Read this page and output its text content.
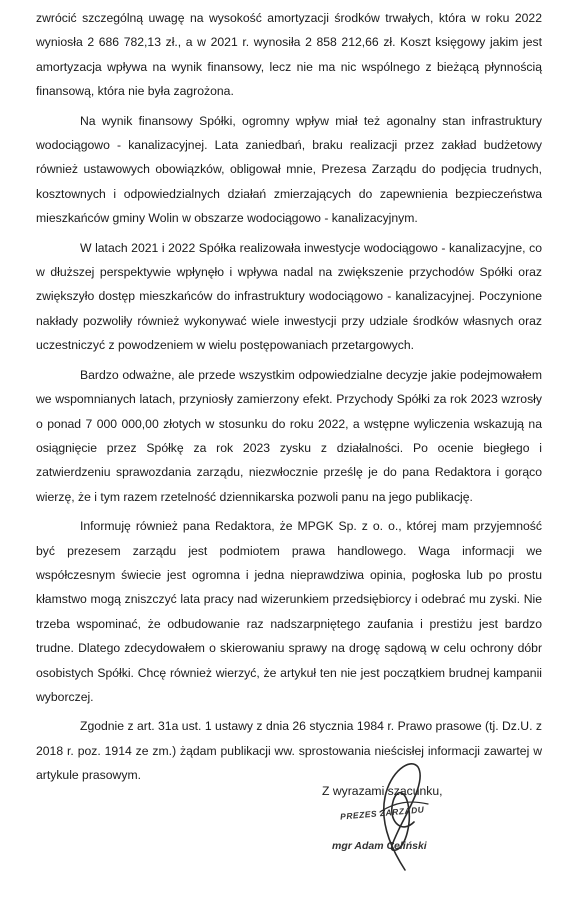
zwrócić szczególną uwagę na wysokość amortyzacji środków trwałych, która w roku 2022 wyniosła 2 686 782,13 zł., a w 2021 r. wynosiła 2 858 212,66 zł. Koszt księgowy jakim jest amortyzacja wpływa na wynik finansowy, lecz nie ma nic wspólnego z bieżącą płynnością finansową, która nie była zagrożona.

Na wynik finansowy Spółki, ogromny wpływ miał też agonalny stan infrastruktury wodociągowo - kanalizacyjnej. Lata zaniedbań, braku realizacji przez zakład budżetowy również ustawowych obowiązków, obligował mnie, Prezesa Zarządu do podjęcia trudnych, kosztownych i odpowiedzialnych działań zmierzających do zapewnienia bezpieczeństwa mieszkańców gminy Wolin w obszarze wodociągowo - kanalizacyjnym.

W latach 2021 i 2022 Spółka realizowała inwestycje wodociągowo - kanalizacyjne, co w dłuższej perspektywie wpłynęło i wpływa nadal na zwiększenie przychodów Spółki oraz zwiększyło dostęp mieszkańców do infrastruktury wodociągowo - kanalizacyjnej. Poczynione nakłady pozwoliły również wykonywać wiele inwestycji przy udziale środków własnych oraz uczestniczyć z powodzeniem w wielu postępowaniach przetargowych.

Bardzo odważne, ale przede wszystkim odpowiedzialne decyzje jakie podejmowałem we wspomnianych latach, przyniosły zamierzony efekt. Przychody Spółki za rok 2023 wzrosły o ponad 7 000 000,00 złotych w stosunku do roku 2022, a wstępne wyliczenia wskazują na osiągnięcie przez Spółkę za rok 2023 zysku z działalności. Po ocenie biegłego i zatwierdzeniu sprawozdania zarządu, niezwłocznie prześlę je do pana Redaktora i gorąco wierzę, że i tym razem rzetelność dziennikarska pozwoli panu na jego publikację.

Informuję również pana Redaktora, że MPGK Sp. z o. o., której mam przyjemność być prezesem zarządu jest podmiotem prawa handlowego. Waga informacji we współczesnym świecie jest ogromna i jedna nieprawdziwa opinia, pogłoska lub po prostu kłamstwo mogą zniszczyć lata pracy nad wizerunkiem przedsiębiorcy i odebrać mu zyski. Nie trzeba wspominać, że odbudowanie raz nadszarpniętego zaufania i prestiżu jest bardzo trudne. Dlatego zdecydowałem o skierowaniu sprawy na drogę sądową w celu ochrony dóbr osobistych Spółki. Chcę również wierzyć, że artykuł ten nie jest początkiem brudnej kampanii wyborczej.

Zgodnie z art. 31a ust. 1 ustawy z dnia 26 stycznia 1984 r. Prawo prasowe (tj. Dz.U. z 2018 r. poz. 1914 ze zm.) żądam publikacji ww. sprostowania nieścisłej informacji zawartej w artykule prasowym.

Z wyrazami szacunku,
PREZES ZARZĄDU
mgr Adam Celiński
